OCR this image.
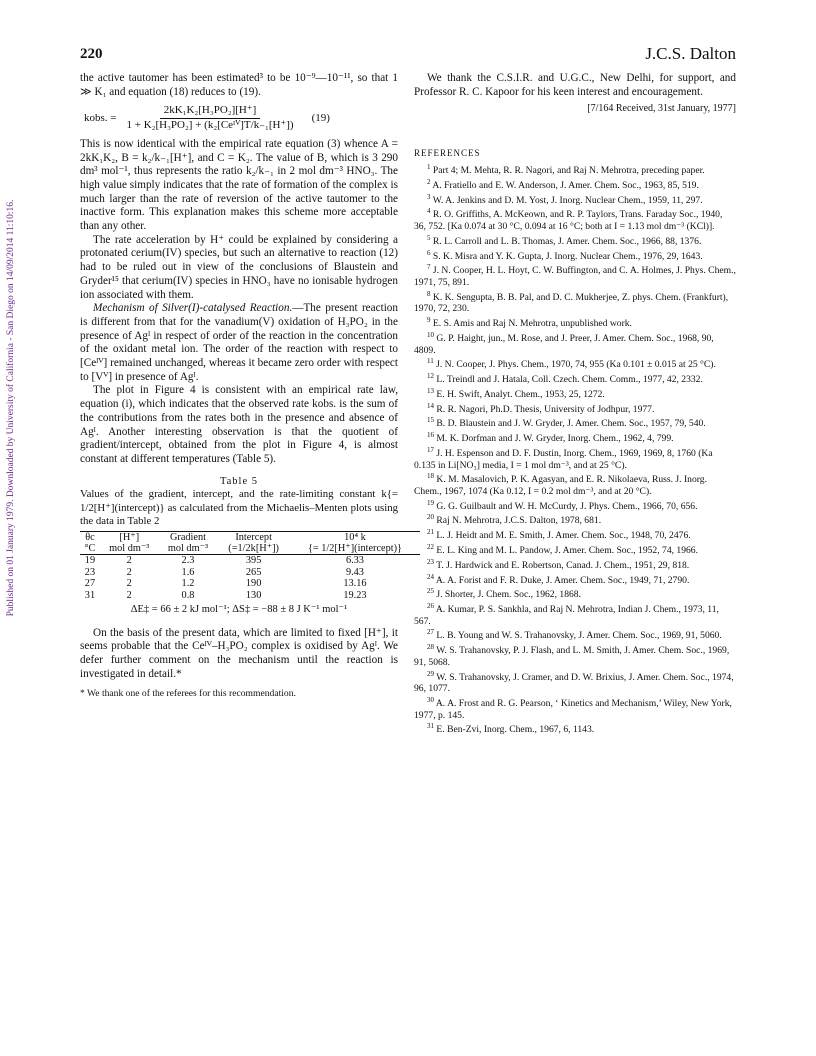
220	J.C.S. Dalton
Published on 01 January 1979. Downloaded by University of California - San Diego on 14/09/2014 11:10:16.

the active tautomer has been estimated³ to be 10⁻⁹—10⁻¹¹, so that 1 ≫ K₁ and equation (18) reduces to (19).

kobs. = $\frac{\text{2kK₁K₂[H₃PO₂][H⁺]}}{\text{1 + K₂[H₃PO₂] + (k₂[Ceᴵⱽ]T/k₋₁[H⁺])}} (19)$

This is now identical with the empirical rate equation (3) whence A = 2kK₁K₂, B = k₂/k₋₁[H⁺], and C = K₂. The value of B, which is 3 290 dm³ mol⁻¹, thus represents the ratio k₂/k₋₁ in 2 mol dm⁻³ HNO₃. The high value simply indicates that the rate of formation of the complex is much larger than the rate of reversion of the active tautomer to the inactive form. This explanation makes this scheme more acceptable than any other.

The rate acceleration by H⁺ could be explained by considering a protonated cerium(IV) species, but such an alternative to reaction (12) had to be ruled out in view of the conclusions of Blaustein and Gryder¹⁵ that cerium(IV) species in HNO₃ have no ionisable hydrogen ion associated with them.

Mechanism of Silver(I)-catalysed Reaction.—The present reaction is different from that for the vanadium(V) oxidation of H₃PO₂ in the presence of Agᴵ in respect of order of the reaction in the concentration of the oxidant metal ion. The order of the reaction with respect to [Ceᴵⱽ] remained unchanged, whereas it became zero order with respect to [Vⱽ] in presence of Agᴵ.

The plot in Figure 4 is consistent with an empirical rate law, equation (i), which indicates that the observed rate kobs. is the sum of the contributions from the rates both in the presence and absence of Agᴵ. Another interesting observation is that the quotient of gradient/intercept, obtained from the plot in Figure 4, is almost constant at different temperatures (Table 5).

Table 5
Values of the gradient, intercept, and the rate-limiting constant k{= 1/2[H⁺](intercept)} as calculated from the Michaelis–Menten plots using the data in Table 2
θc	[H⁺]	Gradient	Intercept	10⁴ k
°C	mol dm⁻³	mol dm⁻³	(=1/2k[H⁺])	{= 1/2[H⁺](intercept)}
19	2	2.3	395	6.33
23	2	1.6	265	9.43
27	2	1.2	190	13.16
31	2	0.8	130	19.23
ΔE‡ = 66 ± 2 kJ mol⁻¹; ΔS‡ = −88 ± 8 J K⁻¹ mol⁻¹

On the basis of the present data, which are limited to fixed [H⁺], it seems probable that the Ceᴵⱽ–H₃PO₂ complex is oxidised by Agᴵ. We defer further comment on the mechanism until the reaction is investigated in detail.*

* We thank one of the referees for this recommendation.
We thank the C.S.I.R. and U.G.C., New Delhi, for support, and Professor R. C. Kapoor for his keen interest and encouragement.
[7/164 Received, 31st January, 1977]
REFERENCES
$^1$ Part 4; M. Mehta, R. R. Nagori, and Raj N. Mehrotra, preceding paper.
$^2$ A. Fratiello and E. W. Anderson, J. Amer. Chem. Soc., 1963, 85, 519.
$^3$ W. A. Jenkins and D. M. Yost, J. Inorg. Nuclear Chem., 1959, 11, 297.
$^4$ R. O. Griffiths, A. McKeown, and R. P. Taylors, Trans. Faraday Soc., 1940, 36, 752. [Ka 0.074 at 30 °C, 0.094 at 16 °C; both at I = 1.13 mol dm⁻³ (KCl)].
$^5$ R. L. Carroll and L. B. Thomas, J. Amer. Chem. Soc., 1966, 88, 1376.
$^6$ S. K. Misra and Y. K. Gupta, J. Inorg. Nuclear Chem., 1976, 29, 1643.
$^7$ J. N. Cooper, H. L. Hoyt, C. W. Buffington, and C. A. Holmes, J. Phys. Chem., 1971, 75, 891.
$^8$ K. K. Sengupta, B. B. Pal, and D. C. Mukherjee, Z. phys. Chem. (Frankfurt), 1970, 72, 230.
$^9$ E. S. Amis and Raj N. Mehrotra, unpublished work.
$^{10}$ G. P. Haight, jun., M. Rose, and J. Preer, J. Amer. Chem. Soc., 1968, 90, 4809.
$^{11}$ J. N. Cooper, J. Phys. Chem., 1970, 74, 955 (Ka 0.101 ± 0.015 at 25 °C).
$^{12}$ L. Treindl and J. Hatala, Coll. Czech. Chem. Comm., 1977, 42, 2332.
$^{13}$ E. H. Swift, Analyt. Chem., 1953, 25, 1272.
$^{14}$ R. R. Nagori, Ph.D. Thesis, University of Jodhpur, 1977.
$^{15}$ B. D. Blaustein and J. W. Gryder, J. Amer. Chem. Soc., 1957, 79, 540.
$^{16}$ M. K. Dorfman and J. W. Gryder, Inorg. Chem., 1962, 4, 799.
$^{17}$ J. H. Espenson and D. F. Dustin, Inorg. Chem., 1969, 1969, 8, 1760 (Ka 0.135 in Li[NO₃] media, I = 1 mol dm⁻³, and at 25 °C).
$^{18}$ K. M. Masalovich, P. K. Agasyan, and E. R. Nikolaeva, Russ. J. Inorg. Chem., 1967, 1074 (Ka 0.12, I = 0.2 mol dm⁻³, and at 20 °C).
$^{19}$ G. G. Guilbault and W. H. McCurdy, J. Phys. Chem., 1966, 70, 656.
$^{20}$ Raj N. Mehrotra, J.C.S. Dalton, 1978, 681.
$^{21}$ L. J. Heidt and M. E. Smith, J. Amer. Chem. Soc., 1948, 70, 2476.
$^{22}$ E. L. King and M. L. Pandow, J. Amer. Chem. Soc., 1952, 74, 1966.
$^{23}$ T. J. Hardwick and E. Robertson, Canad. J. Chem., 1951, 29, 818.
$^{24}$ A. A. Forist and F. R. Duke, J. Amer. Chem. Soc., 1949, 71, 2790.
$^{25}$ J. Shorter, J. Chem. Soc., 1962, 1868.
$^{26}$ A. Kumar, P. S. Sankhla, and Raj N. Mehrotra, Indian J. Chem., 1973, 11, 567.
$^{27}$ L. B. Young and W. S. Trahanovsky, J. Amer. Chem. Soc., 1969, 91, 5060.
$^{28}$ W. S. Trahanovsky, P. J. Flash, and L. M. Smith, J. Amer. Chem. Soc., 1969, 91, 5068.
$^{29}$ W. S. Trahanovsky, J. Cramer, and D. W. Brixius, J. Amer. Chem. Soc., 1974, 96, 1077.
$^{30}$ A. A. Frost and R. G. Pearson, ‘ Kinetics and Mechanism,’ Wiley, New York, 1977, p. 145.
$^{31}$ E. Ben-Zvi, Inorg. Chem., 1967, 6, 1143.
